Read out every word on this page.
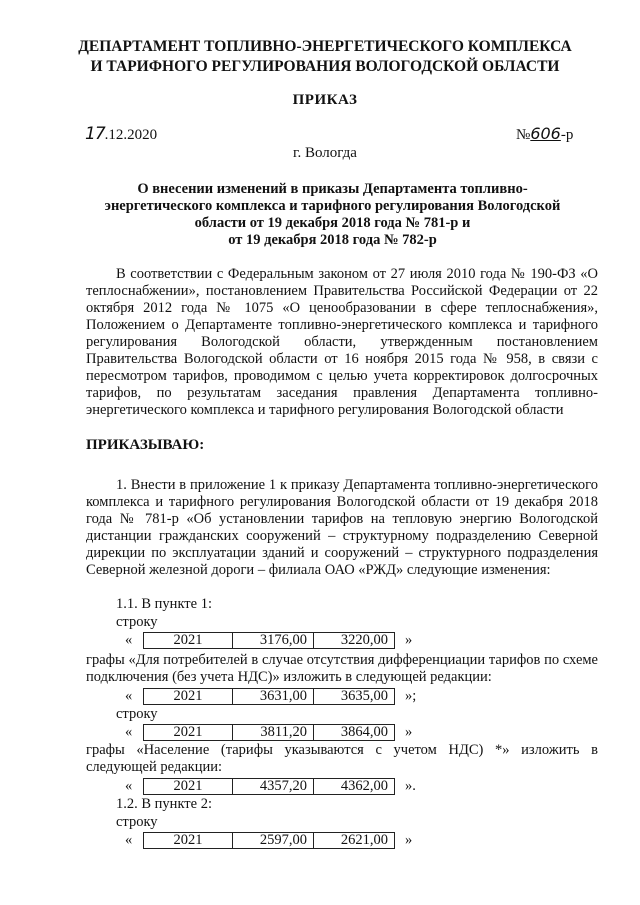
ДЕПАРТАМЕНТ ТОПЛИВНО-ЭНЕРГЕТИЧЕСКОГО КОМПЛЕКСА
И ТАРИФНОГО РЕГУЛИРОВАНИЯ ВОЛОГОДСКОЙ ОБЛАСТИ
ПРИКАЗ
17.12.2020	№606-р
г. Вологда
О внесении изменений в приказы Департамента топливно-
энергетического комплекса и тарифного регулирования Вологодской
области от 19 декабря 2018 года № 781-р и
от 19 декабря 2018 года № 782-р

В соответствии с Федеральным законом от 27 июля 2010 года № 190-ФЗ «О теплоснабжении», постановлением Правительства Российской Федерации от 22 октября 2012 года № 1075 «О ценообразовании в сфере теплоснабжения», Положением о Департаменте топливно-энергетического комплекса и тарифного регулирования Вологодской области, утвержденным постановлением Правительства Вологодской области от 16 ноября 2015 года № 958, в связи с пересмотром тарифов, проводимом с целью учета корректировок долгосрочных тарифов, по результатам заседания правления Департамента топливно-энергетического комплекса и тарифного регулирования Вологодской области

ПРИКАЗЫВАЮ:

1. Внести в приложение 1 к приказу Департамента топливно-энергетического комплекса и тарифного регулирования Вологодской области от 19 декабря 2018 года № 781-р «Об установлении тарифов на тепловую энергию Вологодской дистанции гражданских сооружений – структурному подразделению Северной дирекции по эксплуатации зданий и сооружений – структурного подразделения Северной железной дороги – филиала ОАО «РЖД» следующие изменения:

1.1. В пункте 1:
строку
«	2021	3176,00	3220,00	»

графы «Для потребителей в случае отсутствия дифференциации тарифов по схеме подключения (без учета НДС)» изложить в следующей редакции:

«	2021	3631,00	3635,00	»;
строку
«	2021	3811,20	3864,00	»

графы «Население (тарифы указываются с учетом НДС) *» изложить в следующей редакции:

«	2021	4357,20	4362,00	».
1.2. В пункте 2:
строку
«	2021	2597,00	2621,00	»
